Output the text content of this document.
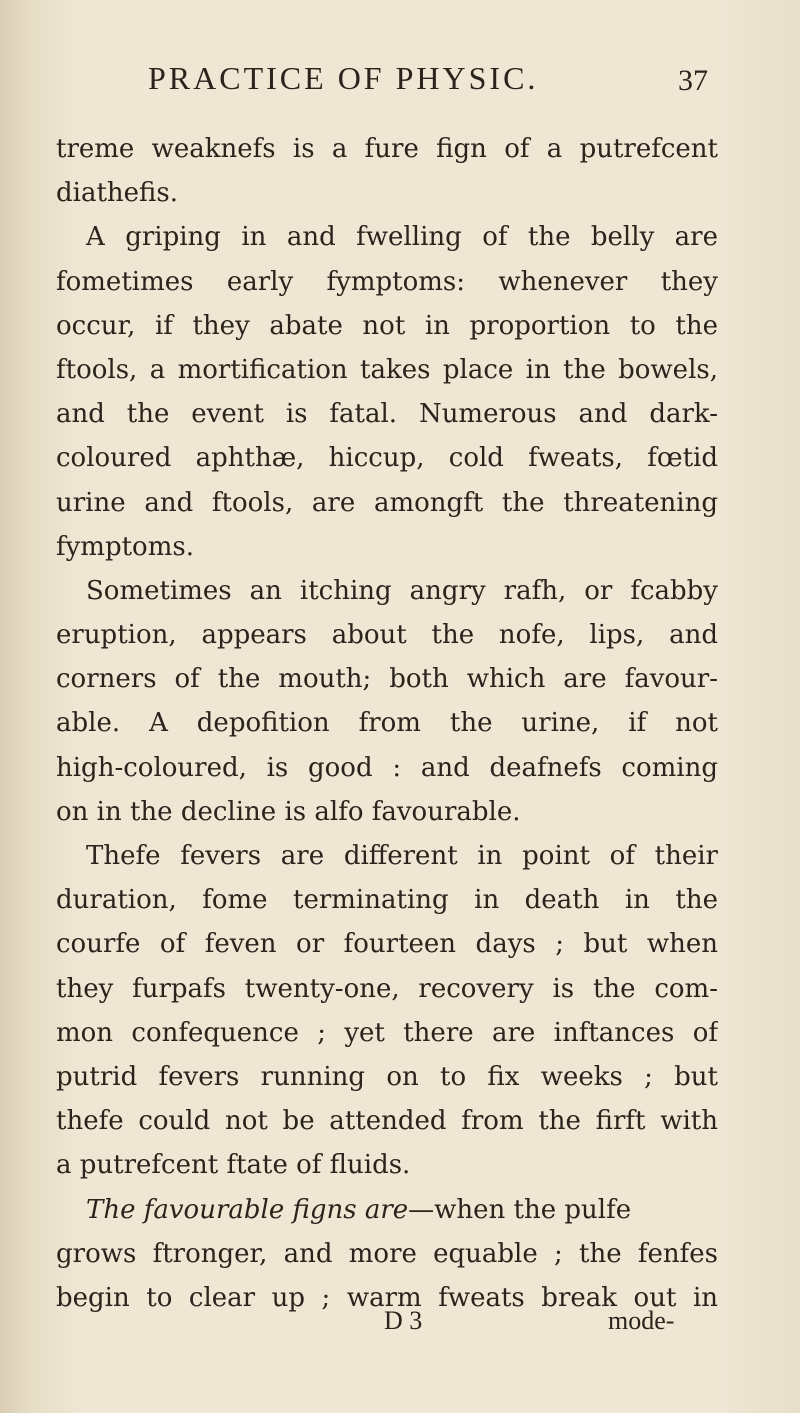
PRACTICE OF PHYSIC.	37
treme weaknefs is a fure fign of a putrefcent
diathefis.
A griping in and fwelling of the belly are
fometimes early fymptoms: whenever they
occur, if they abate not in proportion to the
ftools, a mortification takes place in the bowels,
and the event is fatal. Numerous and dark-
coloured aphthæ, hiccup, cold fweats, fœtid
urine and ftools, are amongft the threatening
fymptoms.
Sometimes an itching angry rafh, or fcabby
eruption, appears about the nofe, lips, and
corners of the mouth; both which are favour-
able. A depofition from the urine, if not
high-coloured, is good : and deafnefs coming
on in the decline is alfo favourable.
Thefe fevers are different in point of their
duration, fome terminating in death in the
courfe of feven or fourteen days ; but when
they furpafs twenty-one, recovery is the com-
mon confequence ; yet there are inftances of
putrid fevers running on to fix weeks ; but
thefe could not be attended from the firft with
a putrefcent ftate of fluids.
The favourable figns are—when the pulfe
grows ftronger, and more equable ; the fenfes
begin to clear up ; warm fweats break out in
D 3	mode-
